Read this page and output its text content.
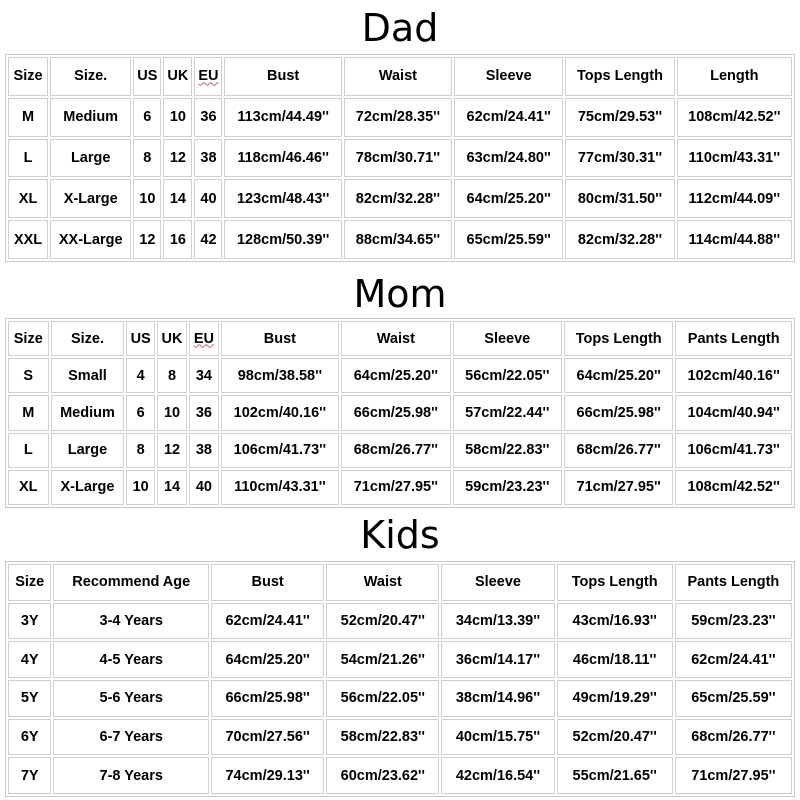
Dad
Size	Size.	US	UK	EU	Bust	Waist	Sleeve	Tops Length	Length
M	Medium	6	10	36	113cm/44.49''	72cm/28.35''	62cm/24.41''	75cm/29.53''	108cm/42.52''
L	Large	8	12	38	118cm/46.46''	78cm/30.71''	63cm/24.80''	77cm/30.31''	110cm/43.31''
XL	X-Large	10	14	40	123cm/48.43''	82cm/32.28''	64cm/25.20''	80cm/31.50''	112cm/44.09''
XXL	XX-Large	12	16	42	128cm/50.39''	88cm/34.65''	65cm/25.59''	82cm/32.28''	114cm/44.88''
Mom
Size	Size.	US	UK	EU	Bust	Waist	Sleeve	Tops Length	Pants Length
S	Small	4	8	34	98cm/38.58''	64cm/25.20''	56cm/22.05''	64cm/25.20''	102cm/40.16''
M	Medium	6	10	36	102cm/40.16''	66cm/25.98''	57cm/22.44''	66cm/25.98''	104cm/40.94''
L	Large	8	12	38	106cm/41.73''	68cm/26.77''	58cm/22.83''	68cm/26.77''	106cm/41.73''
XL	X-Large	10	14	40	110cm/43.31''	71cm/27.95''	59cm/23.23''	71cm/27.95''	108cm/42.52''
Kids
Size	Recommend Age	Bust	Waist	Sleeve	Tops Length	Pants Length
3Y	3-4 Years	62cm/24.41''	52cm/20.47''	34cm/13.39''	43cm/16.93''	59cm/23.23''
4Y	4-5 Years	64cm/25.20''	54cm/21.26''	36cm/14.17''	46cm/18.11''	62cm/24.41''
5Y	5-6 Years	66cm/25.98''	56cm/22.05''	38cm/14.96''	49cm/19.29''	65cm/25.59''
6Y	6-7 Years	70cm/27.56''	58cm/22.83''	40cm/15.75''	52cm/20.47''	68cm/26.77''
7Y	7-8 Years	74cm/29.13''	60cm/23.62''	42cm/16.54''	55cm/21.65''	71cm/27.95''
